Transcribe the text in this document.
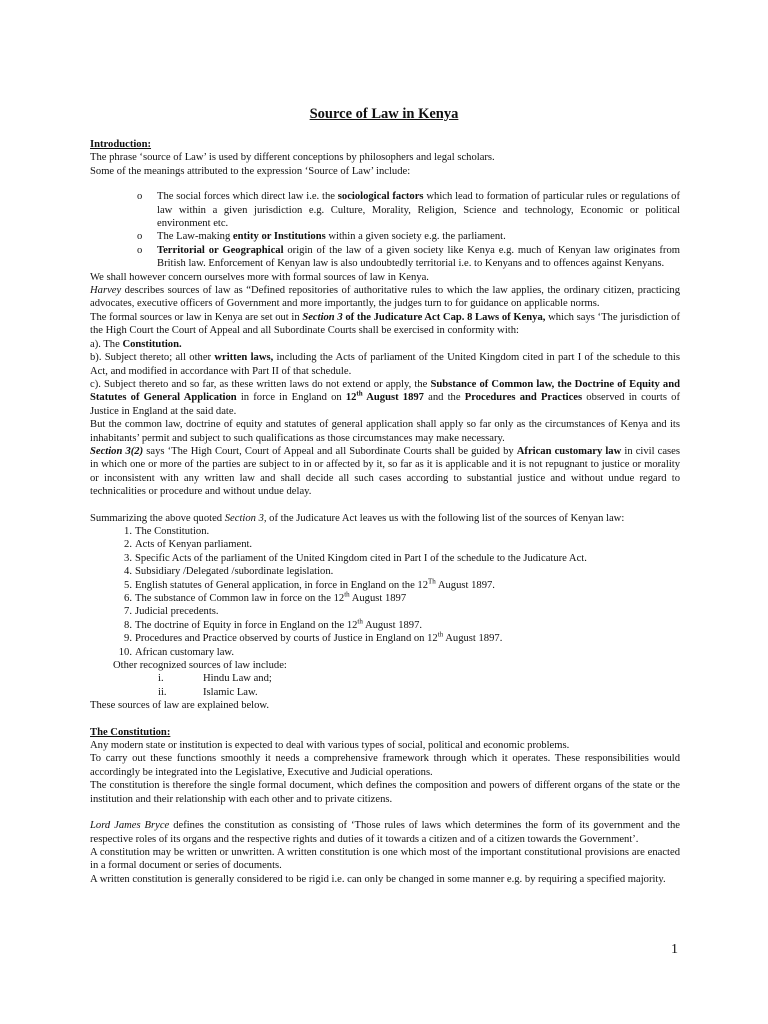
Source of Law in Kenya

Introduction:

The phrase ‘source of Law’ is used by different conceptions by philosophers and legal scholars.

Some of the meanings attributed to the expression ‘Source of Law’ include:

o The social forces which direct law i.e. the sociological factors which lead to formation of particular rules or regulations of law within a given jurisdiction e.g. Culture, Morality, Religion, Science and technology, Economic or political environment etc.
o The Law-making entity or Institutions within a given society e.g. the parliament.
o Territorial or Geographical origin of the law of a given society like Kenya e.g. much of Kenyan law originates from British law. Enforcement of Kenyan law is also undoubtedly territorial i.e. to Kenyans and to offences against Kenyans.

We shall however concern ourselves more with formal sources of law in Kenya.

Harvey describes sources of law as “Defined repositories of authoritative rules to which the law applies, the ordinary citizen, practicing advocates, executive officers of Government and more importantly, the judges turn to for guidance on applicable norms.

The formal sources or law in Kenya are set out in Section 3 of the Judicature Act Cap. 8 Laws of Kenya, which says ‘The jurisdiction of the High Court the Court of Appeal and all Subordinate Courts shall be exercised in conformity with:

a). The Constitution.

b). Subject thereto; all other written laws, including the Acts of parliament of the United Kingdom cited in part I of the schedule to this Act, and modified in accordance with Part II of that schedule.

c). Subject thereto and so far, as these written laws do not extend or apply, the Substance of Common law, the Doctrine of Equity and Statutes of General Application in force in England on 12th August 1897 and the Procedures and Practices observed in courts of Justice in England at the said date.

But the common law, doctrine of equity and statutes of general application shall apply so far only as the circumstances of Kenya and its inhabitants’ permit and subject to such qualifications as those circumstances may make necessary.

Section 3(2) says ‘The High Court, Court of Appeal and all Subordinate Courts shall be guided by African customary law in civil cases in which one or more of the parties are subject to in or affected by it, so far as it is applicable and it is not repugnant to justice or morality or inconsistent with any written law and shall decide all such cases according to substantial justice and without undue regard to technicalities or procedure and without undue delay.

Summarizing the above quoted Section 3, of the Judicature Act leaves us with the following list of the sources of Kenyan law:

1. The Constitution.
2. Acts of Kenyan parliament.
3. Specific Acts of the parliament of the United Kingdom cited in Part I of the schedule to the Judicature Act.
4. Subsidiary /Delegated /subordinate legislation.
5. English statutes of General application, in force in England on the 12Th August 1897.
6. The substance of Common law in force on the 12th August 1897
7. Judicial precedents.
8. The doctrine of Equity in force in England on the 12th August 1897.
9. Procedures and Practice observed by courts of Justice in England on 12th August 1897.
10. African customary law.

Other recognized sources of law include:

i.	Hindu Law and;

ii.	Islamic Law.

These sources of law are explained below.

The Constitution:

Any modern state or institution is expected to deal with various types of social, political and economic problems.

To carry out these functions smoothly it needs a comprehensive framework through which it operates. These responsibilities would accordingly be integrated into the Legislative, Executive and Judicial operations.

The constitution is therefore the single formal document, which defines the composition and powers of different organs of the state or the institution and their relationship with each other and to private citizens.

Lord James Bryce defines the constitution as consisting of ‘Those rules of laws which determines the form of its government and the respective roles of its organs and the respective rights and duties of it towards a citizen and of a citizen towards the Government’.

A constitution may be written or unwritten. A written constitution is one which most of the important constitutional provisions are enacted in a formal document or series of documents.

A written constitution is generally considered to be rigid i.e. can only be changed in some manner e.g. by requiring a specified majority.

1
